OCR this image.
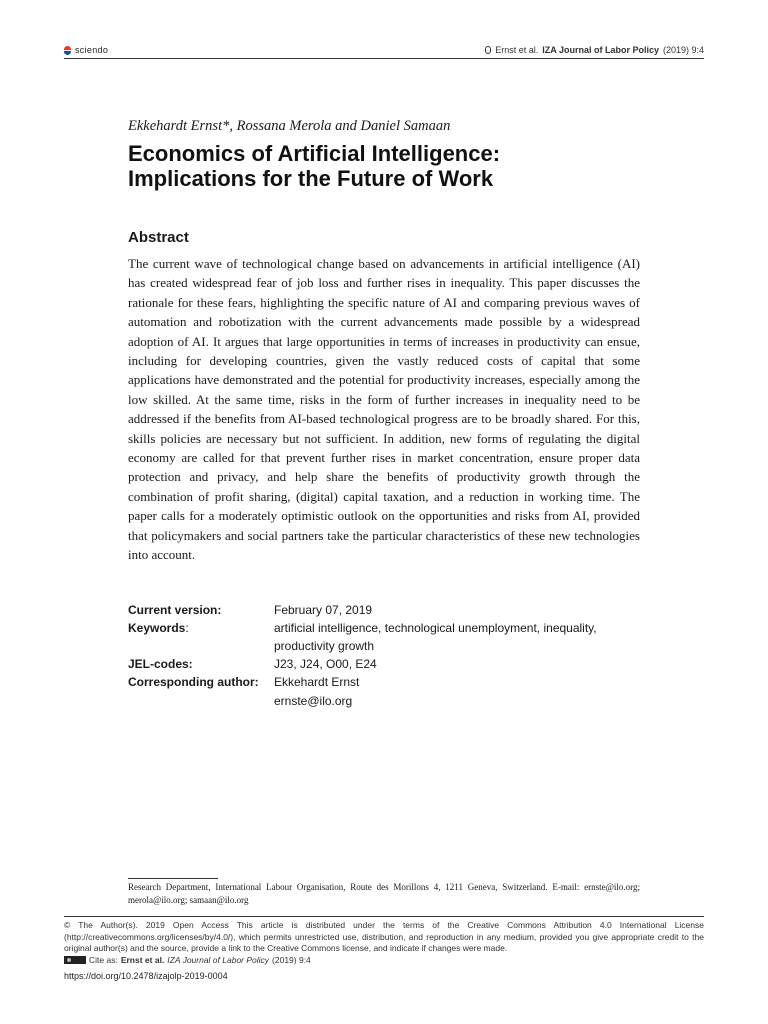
sciendo	Ernst et al. IZA Journal of Labor Policy (2019) 9:4

Ekkehardt Ernst*, Rossana Merola and Daniel Samaan

Economics of Artificial Intelligence:
Implications for the Future of Work
Abstract

The current wave of technological change based on advancements in artificial intelligence (AI) has created widespread fear of job loss and further rises in inequality. This paper discusses the rationale for these fears, highlighting the specific nature of AI and comparing previous waves of automation and robotization with the current advancements made possible by a widespread adoption of AI. It argues that large opportunities in terms of increases in productivity can ensue, including for developing countries, given the vastly reduced costs of capital that some applications have demonstrated and the potential for productivity increases, especially among the low skilled. At the same time, risks in the form of further increases in inequality need to be addressed if the benefits from AI-based technological progress are to be broadly shared. For this, skills policies are necessary but not sufficient. In addition, new forms of regulating the digital economy are called for that prevent further rises in market concentration, ensure proper data protection and privacy, and help share the benefits of productivity growth through the combination of profit sharing, (digital) capital taxation, and a reduction in working time. The paper calls for a moderately optimistic outlook on the opportunities and risks from AI, provided that policymakers and social partners take the particular characteristics of these new technologies into account.

Current version:	February 07, 2019
Keywords:	artificial intelligence, technological unemployment, inequality, productivity growth
JEL-codes:	J23, J24, O00, E24
Corresponding author:	Ekkehardt Ernst
ernste@ilo.org
Research Department, International Labour Organisation, Route des Morillons 4, 1211 Geneva, Switzerland. E-mail: ernste@ilo.org; merola@ilo.org; samaan@ilo.org
© The Author(s). 2019 Open Access This article is distributed under the terms of the Creative Commons Attribution 4.0 International License (http://creativecommons.org/licenses/by/4.0/), which permits unrestricted use, distribution, and reproduction in any medium, provided you give appropriate credit to the original author(s) and the source, provide a link to the Creative Commons license, and indicate if changes were made.
Cite as: Ernst et al. IZA Journal of Labor Policy (2019) 9:4
https://doi.org/10.2478/izajolp-2019-0004
